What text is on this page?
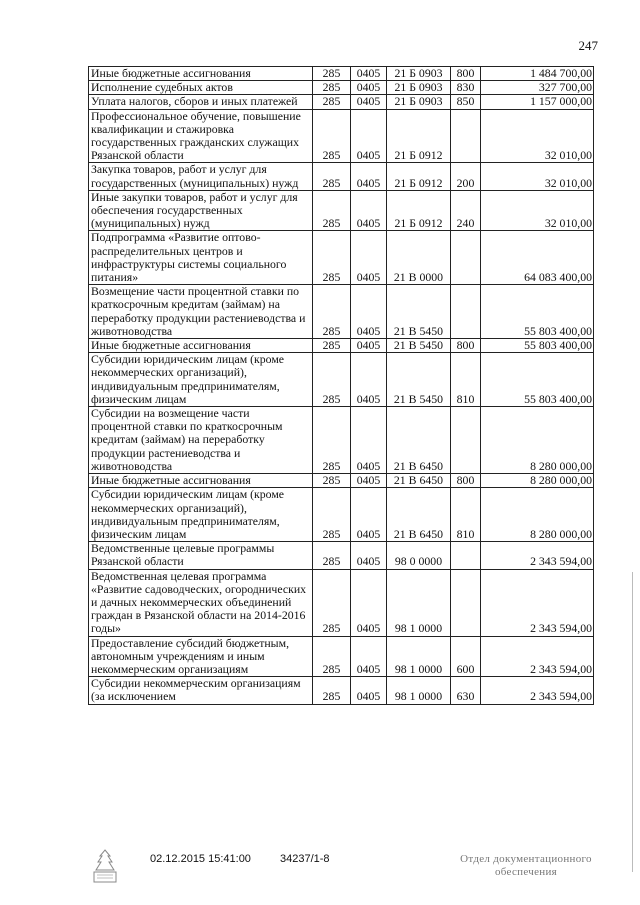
247
Иные бюджетные ассигнования	285	0405	21 Б 0903	800	1 484 700,00
Исполнение судебных актов	285	0405	21 Б 0903	830	327 700,00
Уплата налогов, сборов и иных платежей	285	0405	21 Б 0903	850	1 157 000,00
Профессиональное обучение, повышение квалификации и стажировка государственных гражданских служащих Рязанской области	285	0405	21 Б 0912		32 010,00
Закупка товаров, работ и услуг для государственных (муниципальных) нужд	285	0405	21 Б 0912	200	32 010,00
Иные закупки товаров, работ и услуг для обеспечения государственных (муниципальных) нужд	285	0405	21 Б 0912	240	32 010,00
Подпрограмма «Развитие оптово-распределительных центров и инфраструктуры системы социального питания»	285	0405	21 В 0000		64 083 400,00
Возмещение части процентной ставки по краткосрочным кредитам (займам) на переработку продукции растениеводства и животноводства	285	0405	21 В 5450		55 803 400,00
Иные бюджетные ассигнования	285	0405	21 В 5450	800	55 803 400,00
Субсидии юридическим лицам (кроме некоммерческих организаций), индивидуальным предпринимателям, физическим лицам	285	0405	21 В 5450	810	55 803 400,00
Субсидии на возмещение части процентной ставки по краткосрочным кредитам (займам) на переработку продукции растениеводства и животноводства	285	0405	21 В 6450		8 280 000,00
Иные бюджетные ассигнования	285	0405	21 В 6450	800	8 280 000,00
Субсидии юридическим лицам (кроме некоммерческих организаций), индивидуальным предпринимателям, физическим лицам	285	0405	21 В 6450	810	8 280 000,00
Ведомственные целевые программы Рязанской области	285	0405	98 0 0000		2 343 594,00
Ведомственная целевая программа «Развитие садоводческих, огороднических и дачных некоммерческих объединений граждан в Рязанской области на 2014-2016 годы»	285	0405	98 1 0000		2 343 594,00
Предоставление субсидий бюджетным, автономным учреждениям и иным некоммерческим организациям	285	0405	98 1 0000	600	2 343 594,00
Субсидии некоммерческим организациям (за исключением	285	0405	98 1 0000	630	2 343 594,00
02.12.2015 15:41:00	34237/1-8	Отдел документационного
обеспечения
